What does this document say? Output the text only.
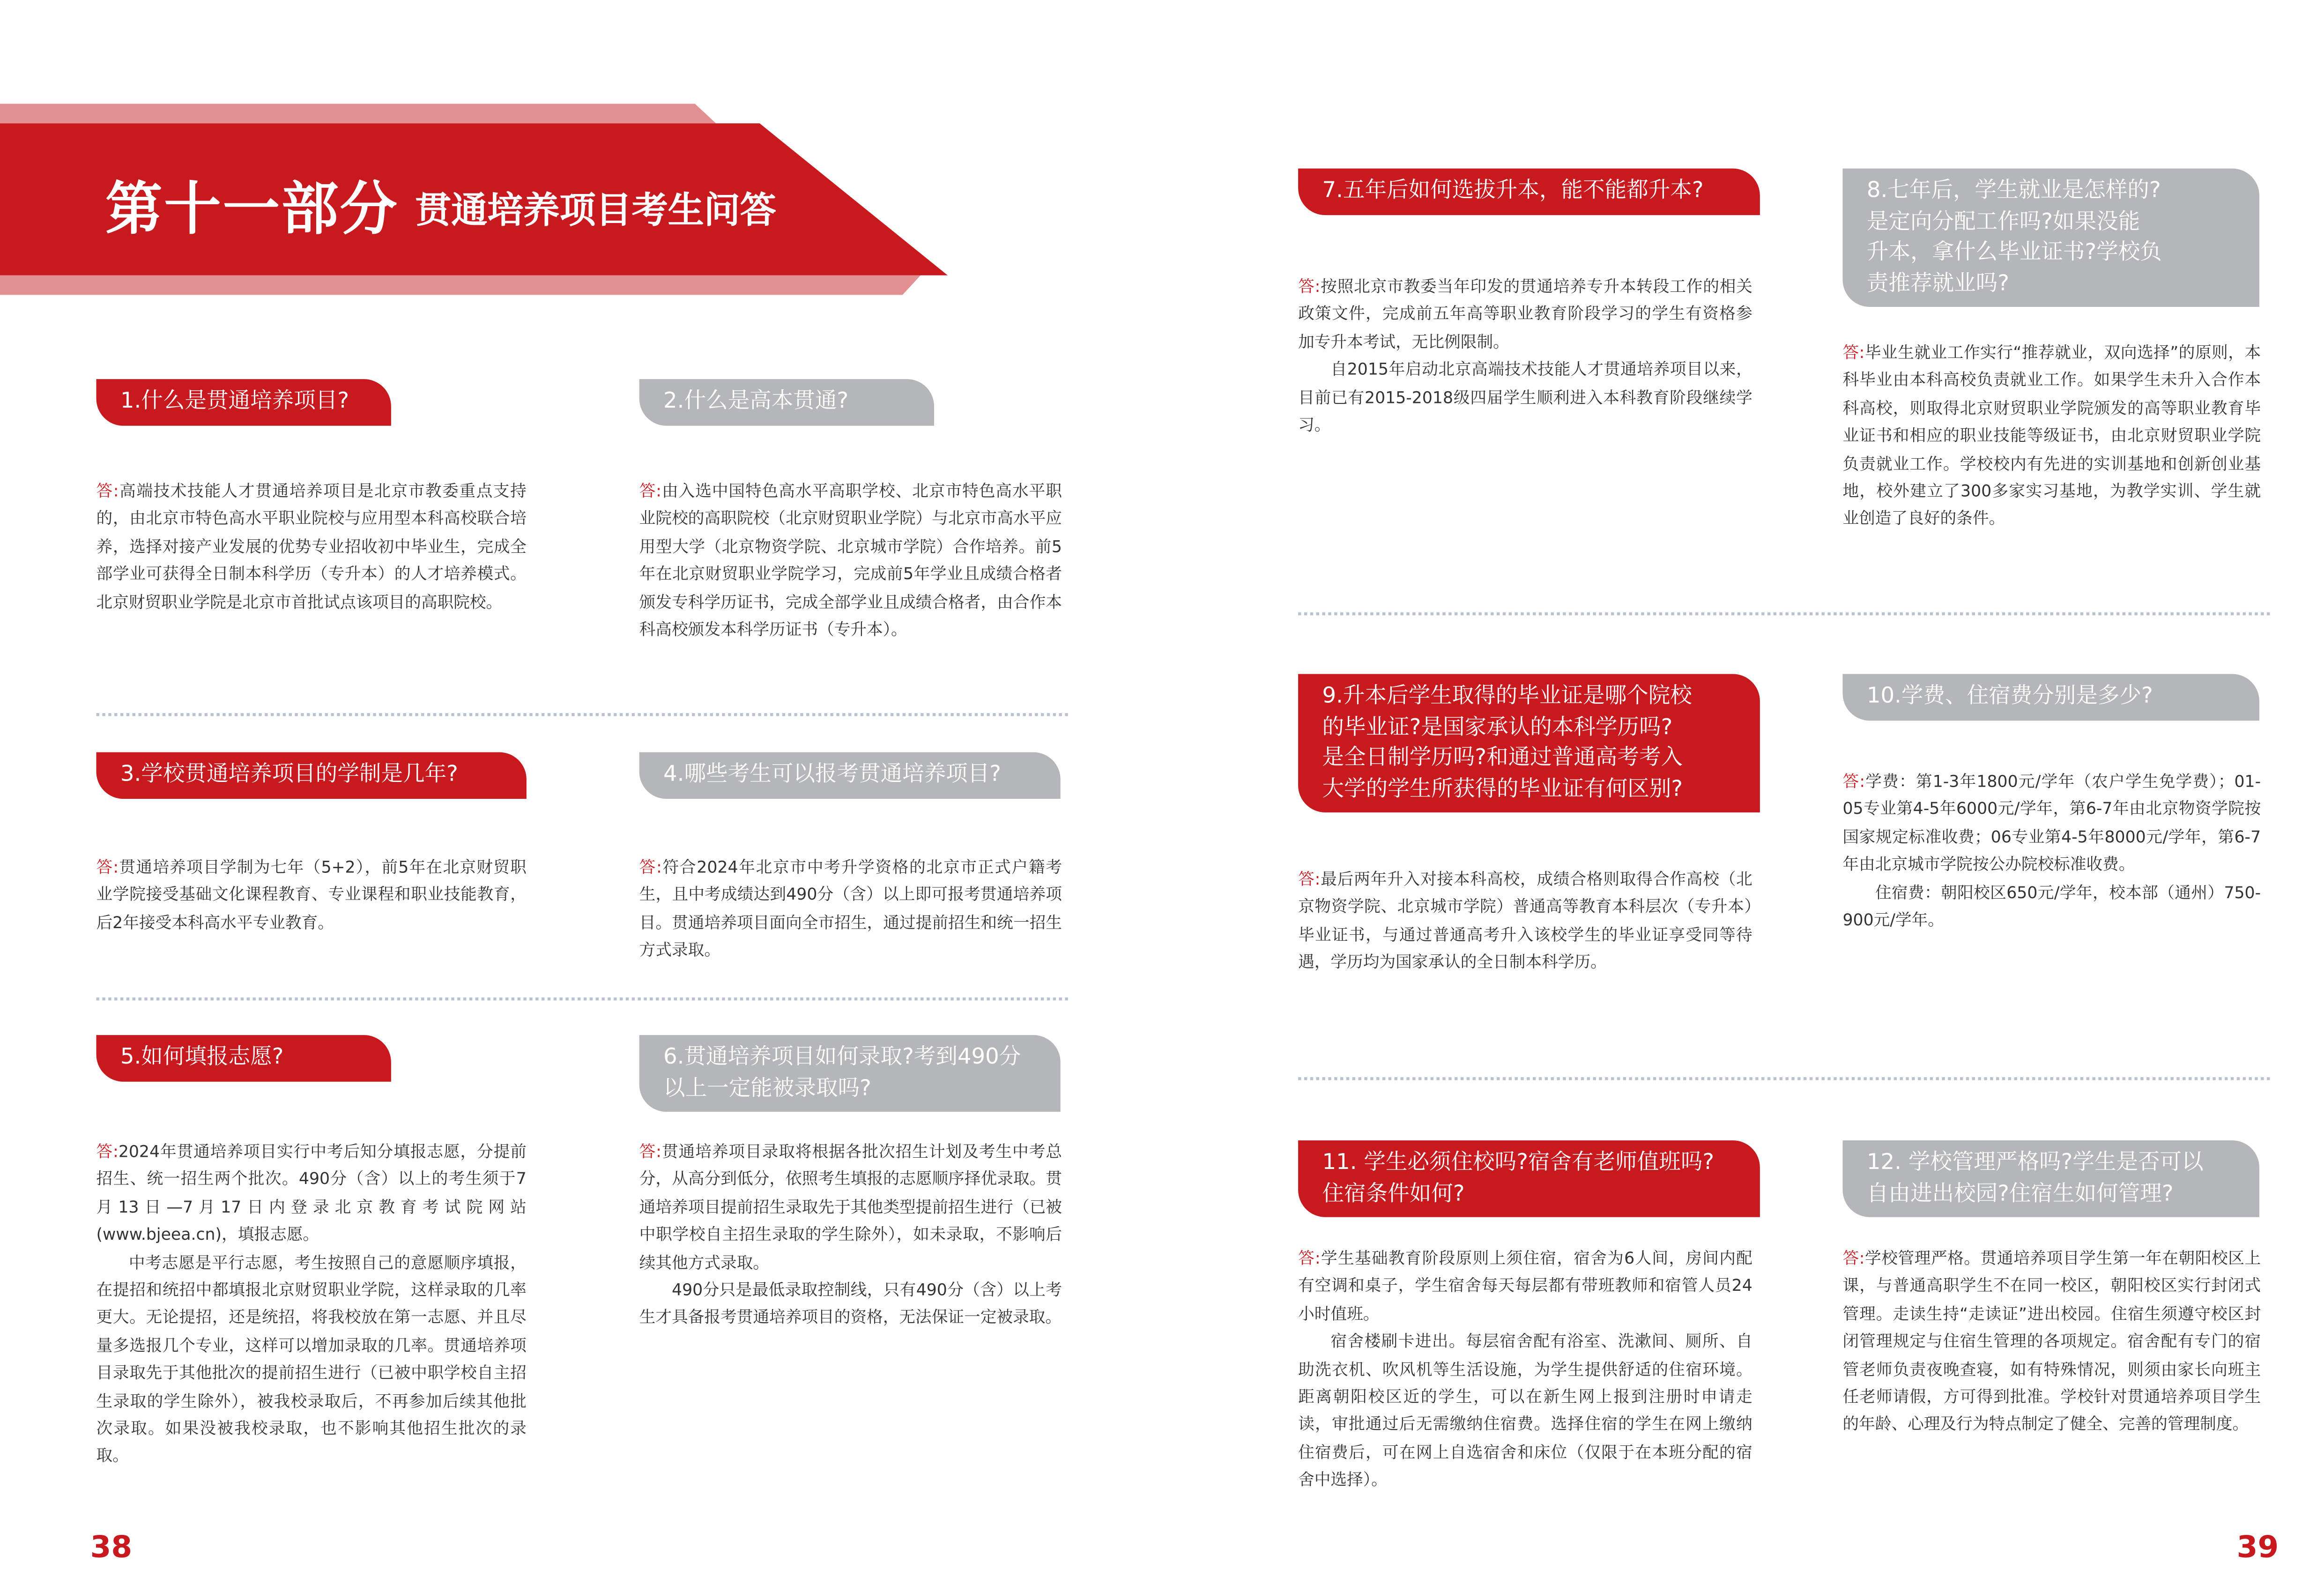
第十一部分 贯通培养项目考生问答
1.什么是贯通培养项目?

答:高端技术技能人才贯通培养项目是北京市教委重点支持的，由北京市特色高水平职业院校与应用型本科高校联合培养，选择对接产业发展的优势专业招收初中毕业生，完成全部学业可获得全日制本科学历（专升本）的人才培养模式。北京财贸职业学院是北京市首批试点该项目的高职院校。

2.什么是高本贯通?

答:由入选中国特色高水平高职学校、北京市特色高水平职业院校的高职院校（北京财贸职业学院）与北京市高水平应用型大学（北京物资学院、北京城市学院）合作培养。前5年在北京财贸职业学院学习，完成前5年学业且成绩合格者颁发专科学历证书，完成全部学业且成绩合格者，由合作本科高校颁发本科学历证书（专升本）。

3.学校贯通培养项目的学制是几年?

答:贯通培养项目学制为七年（5+2），前5年在北京财贸职业学院接受基础文化课程教育、专业课程和职业技能教育，后2年接受本科高水平专业教育。

4.哪些考生可以报考贯通培养项目?

答:符合2024年北京市中考升学资格的北京市正式户籍考生，且中考成绩达到490分（含）以上即可报考贯通培养项目。贯通培养项目面向全市招生，通过提前招生和统一招生方式录取。

5.如何填报志愿?

答:2024年贯通培养项目实行中考后知分填报志愿，分提前招生、统一招生两个批次。490分（含）以上的考生须于7月13日—7月17日内登录北京教育考试院网站(www.bjeea.cn)，填报志愿。

中考志愿是平行志愿，考生按照自己的意愿顺序填报，在提招和统招中都填报北京财贸职业学院，这样录取的几率更大。无论提招，还是统招，将我校放在第一志愿、并且尽量多选报几个专业，这样可以增加录取的几率。贯通培养项目录取先于其他批次的提前招生进行（已被中职学校自主招生录取的学生除外），被我校录取后，不再参加后续其他批次录取。如果没被我校录取，也不影响其他招生批次的录取。

6.贯通培养项目如何录取?考到490分
以上一定能被录取吗?

答:贯通培养项目录取将根据各批次招生计划及考生中考总分，从高分到低分，依照考生填报的志愿顺序择优录取。贯通培养项目提前招生录取先于其他类型提前招生进行（已被中职学校自主招生录取的学生除外），如未录取，不影响后续其他方式录取。

490分只是最低录取控制线，只有490分（含）以上考生才具备报考贯通培养项目的资格，无法保证一定被录取。

7.五年后如何选拔升本，能不能都升本?

答:按照北京市教委当年印发的贯通培养专升本转段工作的相关政策文件，完成前五年高等职业教育阶段学习的学生有资格参加专升本考试，无比例限制。

自2015年启动北京高端技术技能人才贯通培养项目以来，目前已有2015-2018级四届学生顺利进入本科教育阶段继续学习。

8.七年后，学生就业是怎样的?
是定向分配工作吗?如果没能
升本，拿什么毕业证书?学校负
责推荐就业吗?

答:毕业生就业工作实行“推荐就业，双向选择”的原则，本科毕业由本科高校负责就业工作。如果学生未升入合作本科高校，则取得北京财贸职业学院颁发的高等职业教育毕业证书和相应的职业技能等级证书，由北京财贸职业学院负责就业工作。学校校内有先进的实训基地和创新创业基地，校外建立了300多家实习基地，为教学实训、学生就业创造了良好的条件。

9.升本后学生取得的毕业证是哪个院校
的毕业证?是国家承认的本科学历吗?
是全日制学历吗?和通过普通高考考入
大学的学生所获得的毕业证有何区别?

答:最后两年升入对接本科高校，成绩合格则取得合作高校（北京物资学院、北京城市学院）普通高等教育本科层次（专升本）毕业证书，与通过普通高考升入该校学生的毕业证享受同等待遇，学历均为国家承认的全日制本科学历。

10.学费、住宿费分别是多少?

答:学费：第1-3年1800元/学年（农户学生免学费）；01-05专业第4-5年6000元/学年，第6-7年由北京物资学院按国家规定标准收费；06专业第4-5年8000元/学年，第6-7年由北京城市学院按公办院校标准收费。

住宿费：朝阳校区650元/学年，校本部（通州）750-900元/学年。

11. 学生必须住校吗?宿舍有老师值班吗?
住宿条件如何?

答:学生基础教育阶段原则上须住宿，宿舍为6人间，房间内配有空调和桌子，学生宿舍每天每层都有带班教师和宿管人员24小时值班。

宿舍楼刷卡进出。每层宿舍配有浴室、洗漱间、厕所、自助洗衣机、吹风机等生活设施，为学生提供舒适的住宿环境。距离朝阳校区近的学生，可以在新生网上报到注册时申请走读，审批通过后无需缴纳住宿费。选择住宿的学生在网上缴纳住宿费后，可在网上自选宿舍和床位（仅限于在本班分配的宿舍中选择）。

12. 学校管理严格吗?学生是否可以
自由进出校园?住宿生如何管理?

答:学校管理严格。贯通培养项目学生第一年在朝阳校区上课，与普通高职学生不在同一校区，朝阳校区实行封闭式管理。走读生持“走读证”进出校园。住宿生须遵守校区封闭管理规定与住宿生管理的各项规定。宿舍配有专门的宿管老师负责夜晚查寝，如有特殊情况，则须由家长向班主任老师请假，方可得到批准。学校针对贯通培养项目学生的年龄、心理及行为特点制定了健全、完善的管理制度。

38	39
